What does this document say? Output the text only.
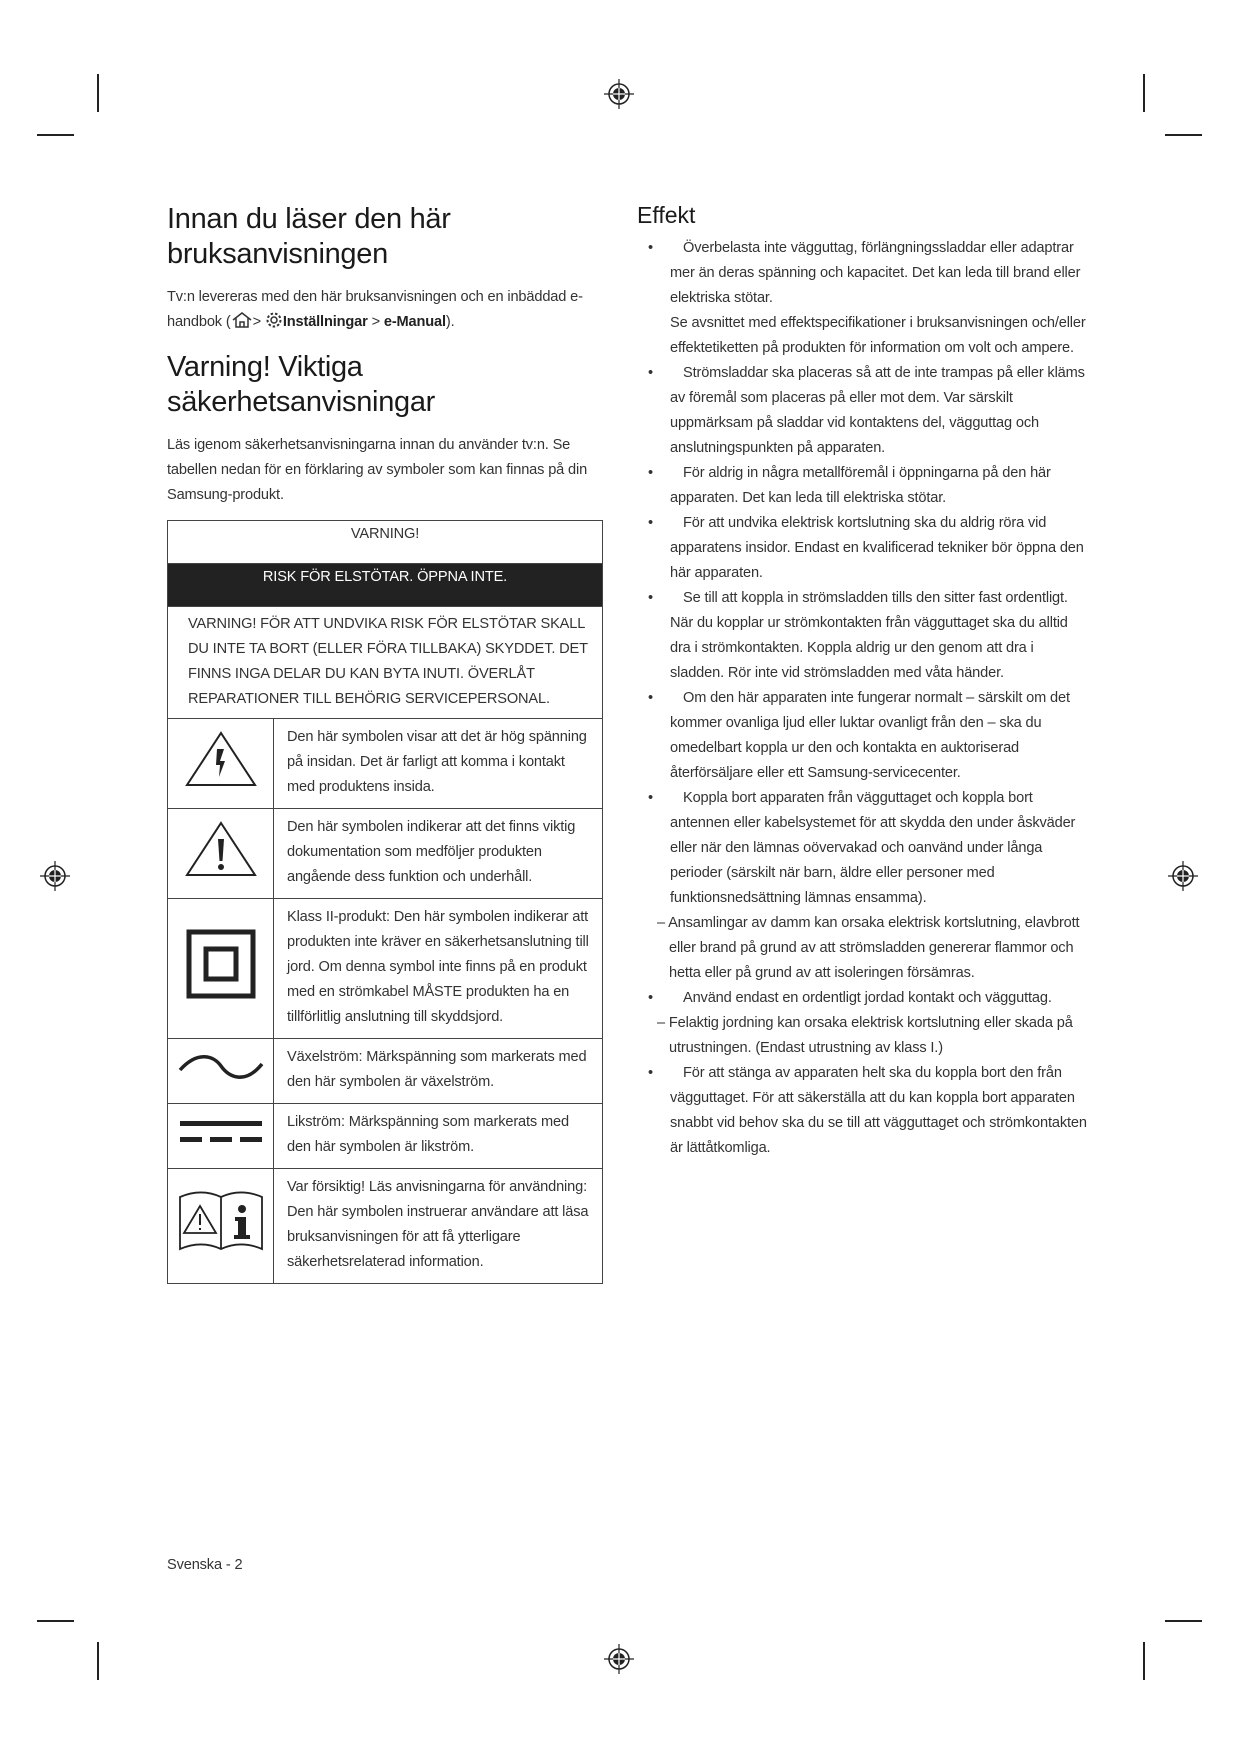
Innan du läser den här bruksanvisningen
Tv:n levereras med den här bruksanvisningen och en inbäddad e-handbok ( > Inställningar > e-Manual).
Varning! Viktiga säkerhetsanvisningar
Läs igenom säkerhetsanvisningarna innan du använder tv:n. Se tabellen nedan för en förklaring av symboler som kan finnas på din Samsung-produkt.
VARNING!	
RISK FÖR ELSTÖTAR. ÖPPNA INTE.	
VARNING! FÖR ATT UNDVIKA RISK FÖR ELSTÖTAR SKALL DU INTE TA BORT (ELLER FÖRA TILLBAKA) SKYDDET. DET FINNS INGA DELAR DU KAN BYTA INUTI. ÖVERLÅT REPARATIONER TILL BEHÖRIG SERVICEPERSONAL.	
	Den här symbolen visar att det är hög spänning på insidan. Det är farligt att komma i kontakt med produktens insida.
	Den här symbolen indikerar att det finns viktig dokumentation som medföljer produkten angående dess funktion och underhåll.
	Klass II-produkt: Den här symbolen indikerar att produkten inte kräver en säkerhetsanslutning till jord. Om denna symbol inte finns på en produkt med en strömkabel MÅSTE produkten ha en tillförlitlig anslutning till skyddsjord.
	Växelström: Märkspänning som markerats med den här symbolen är växelström.
	Likström: Märkspänning som markerats med den här symbolen är likström.
	Var försiktig! Läs anvisningarna för användning: Den här symbolen instruerar användare att läsa bruksanvisningen för att få ytterligare säkerhetsrelaterad information.
Effekt
• Överbelasta inte vägguttag, förlängningssladdar eller adaptrar mer än deras spänning och kapacitet. Det kan leda till brand eller elektriska stötar.
Se avsnittet med effektspecifikationer i bruksanvisningen och/eller effektetiketten på produkten för information om volt och ampere.
• Strömsladdar ska placeras så att de inte trampas på eller kläms av föremål som placeras på eller mot dem. Var särskilt uppmärksam på sladdar vid kontaktens del, vägguttag och anslutningspunkten på apparaten.
• För aldrig in några metallföremål i öppningarna på den här apparaten. Det kan leda till elektriska stötar.
• För att undvika elektrisk kortslutning ska du aldrig röra vid apparatens insidor. Endast en kvalificerad tekniker bör öppna den här apparaten.
• Se till att koppla in strömsladden tills den sitter fast ordentligt. När du kopplar ur strömkontakten från vägguttaget ska du alltid dra i strömkontakten. Koppla aldrig ur den genom att dra i sladden. Rör inte vid strömsladden med våta händer.
• Om den här apparaten inte fungerar normalt – särskilt om det kommer ovanliga ljud eller luktar ovanligt från den – ska du omedelbart koppla ur den och kontakta en auktoriserad återförsäljare eller ett Samsung-servicecenter.
• Koppla bort apparaten från vägguttaget och koppla bort antennen eller kabelsystemet för att skydda den under åskväder eller när den lämnas oövervakad och oanvänd under långa perioder (särskilt när barn, äldre eller personer med funktionsnedsättning lämnas ensamma).
– Ansamlingar av damm kan orsaka elektrisk kortslutning, elavbrott eller brand på grund av att strömsladden genererar flammor och hetta eller på grund av att isoleringen försämras.
• Använd endast en ordentligt jordad kontakt och vägguttag.
– Felaktig jordning kan orsaka elektrisk kortslutning eller skada på utrustningen. (Endast utrustning av klass I.)
• För att stänga av apparaten helt ska du koppla bort den från vägguttaget. För att säkerställa att du kan koppla bort apparaten snabbt vid behov ska du se till att vägguttaget och strömkontakten är lättåtkomliga.
Svenska - 2
